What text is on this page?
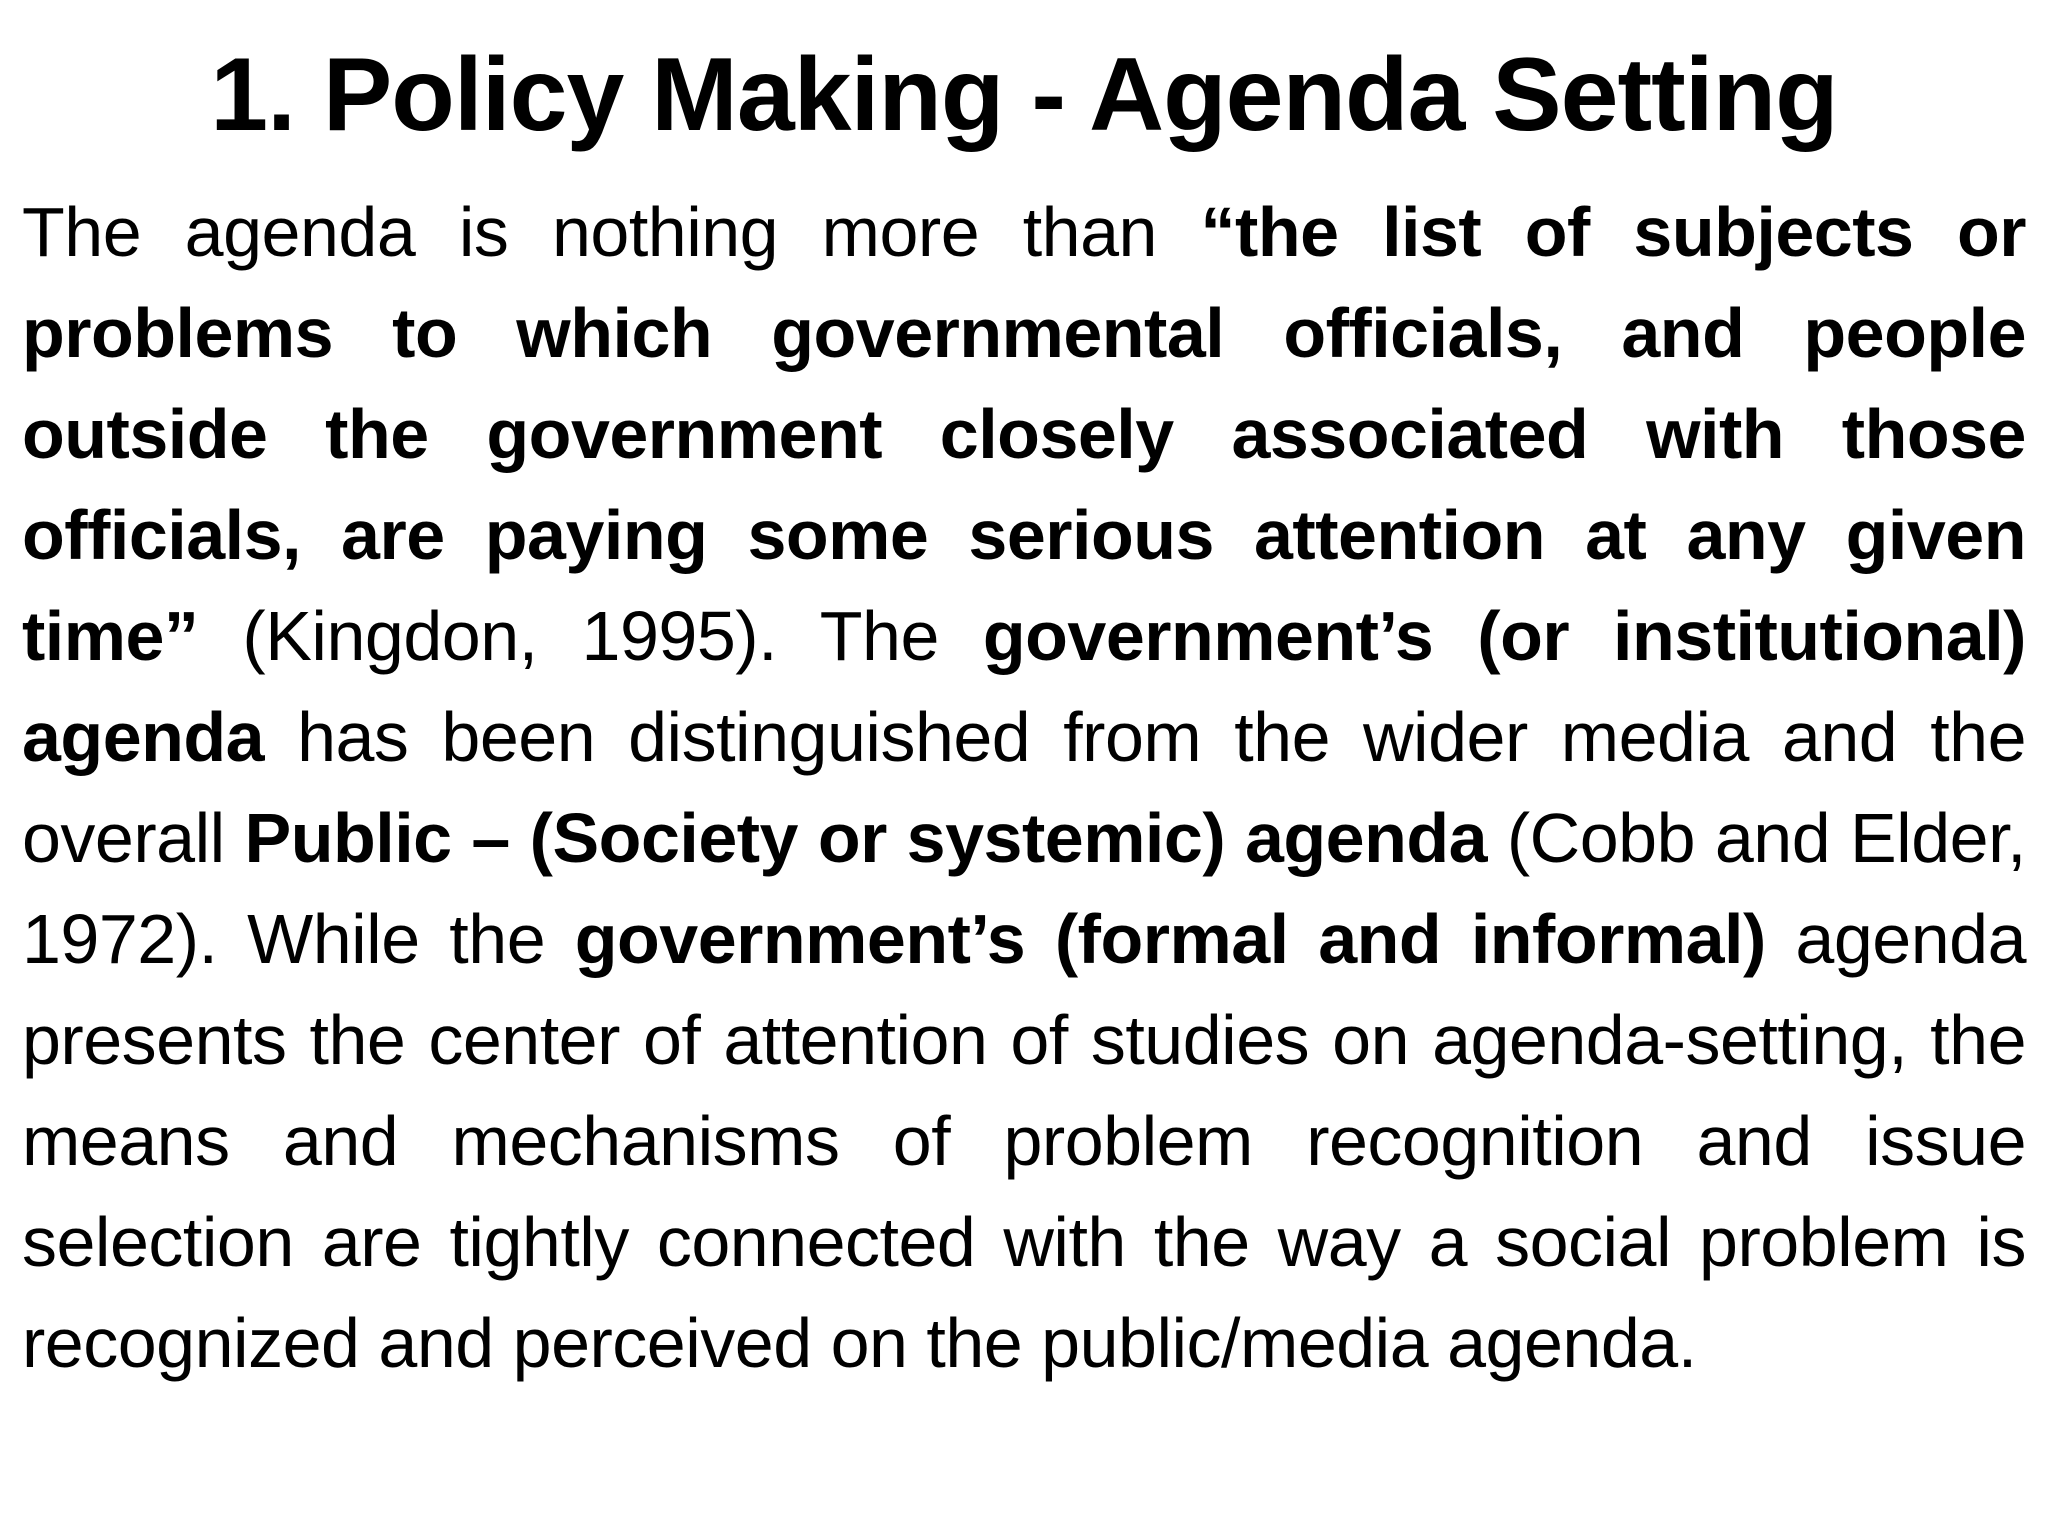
1. Policy Making - Agenda Setting

The agenda is nothing more than “the list of subjects or problems to which governmental officials, and people outside the government closely associated with those officials, are paying some serious attention at any given time” (Kingdon, 1995). The government’s (or institutional) agenda has been distinguished from the wider media and the overall Public – (Society or systemic) agenda (Cobb and Elder, 1972). While the government’s (formal and informal) agenda presents the center of attention of studies on agenda-setting, the means and mechanisms of problem recognition and issue selection are tightly connected with the way a social problem is recognized and perceived on the public/media agenda.
